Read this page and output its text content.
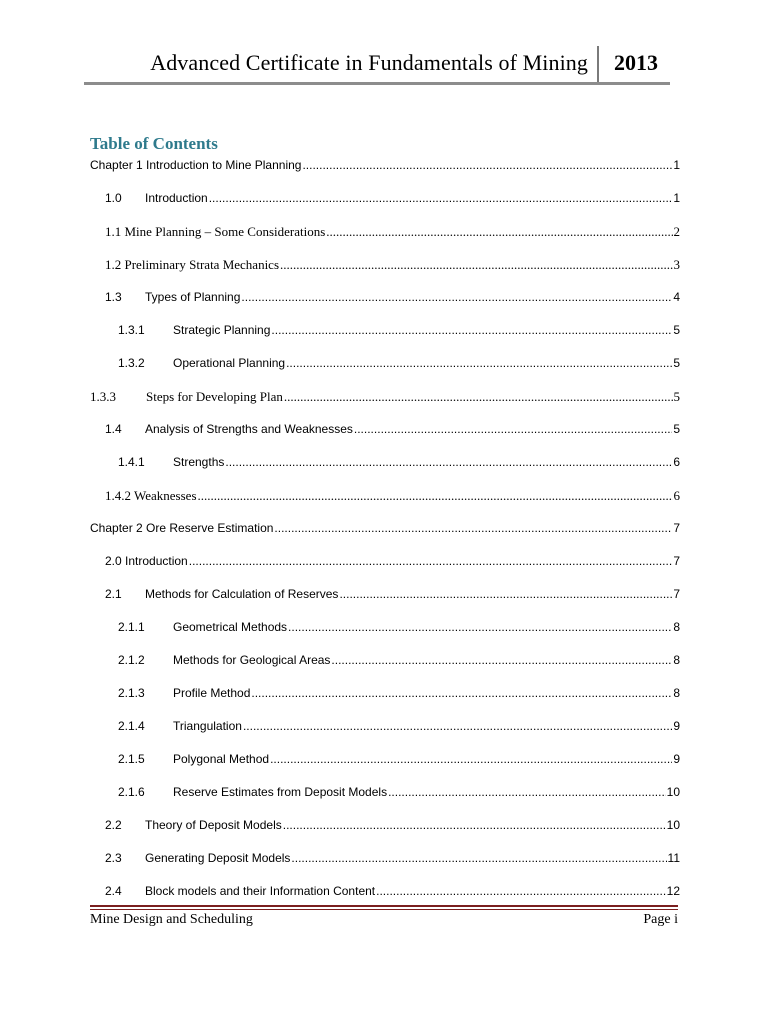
Advanced Certificate in Fundamentals of Mining 2013
Table of Contents
Chapter 1 Introduction to Mine Planning .....	1
1.0	Introduction .....	1
1.1 Mine Planning – Some Considerations .....	2
1.2 Preliminary Strata Mechanics .....	3
1.3	Types of Planning .....	4
1.3.1	Strategic Planning .....	5
1.3.2	Operational Planning .....	5
1.3.3	Steps for Developing Plan .....	5
1.4	Analysis of Strengths and Weaknesses .....	5
1.4.1	Strengths .....	6
1.4.2 Weaknesses .....	6
Chapter 2 Ore Reserve Estimation .....	7
2.0 Introduction .....	7
2.1	Methods for Calculation of Reserves .....	7
2.1.1	Geometrical Methods .....	8
2.1.2	Methods for Geological Areas .....	8
2.1.3	Profile Method .....	8
2.1.4	Triangulation .....	9
2.1.5	Polygonal Method .....	9
2.1.6	Reserve Estimates from Deposit Models .....	10
2.2	Theory of Deposit Models .....	10
2.3	Generating Deposit Models .....	11
2.4	Block models and their Information Content .....	12
Mine Design and Scheduling	Page i
